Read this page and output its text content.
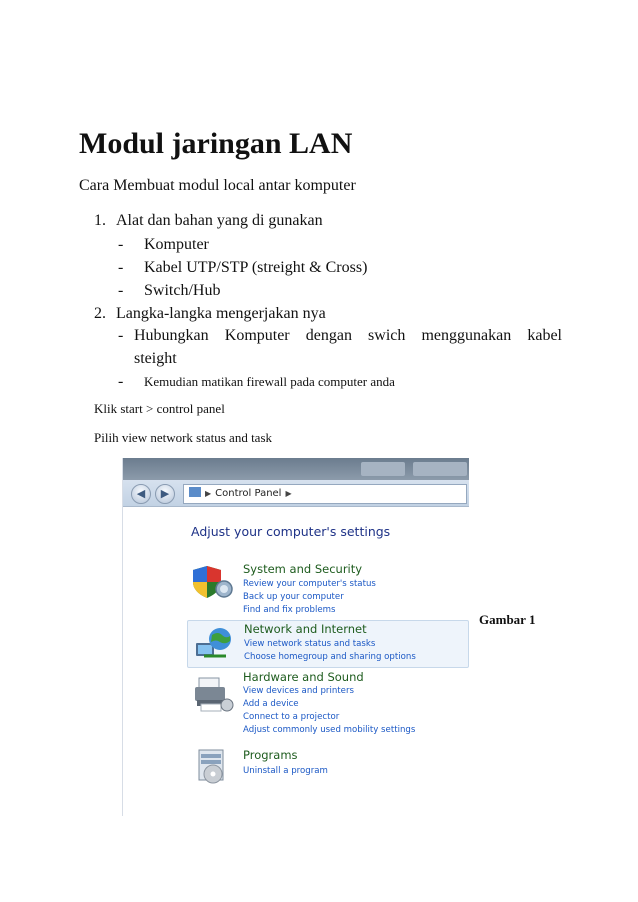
Modul jaringan LAN
Cara Membuat modul local antar komputer
1. Alat dan bahan yang di gunakan
- Komputer
- Kabel UTP/STP (streight & Cross)
- Switch/Hub
2. Langka-langka mengerjakan nya
- Hubungkan Komputer dengan swich menggunakan kabel
steight
- Kemudian matikan firewall pada computer anda
Klik start > control panel
Pilih view network status and task
◀	▶	▶ Control Panel ▶
Adjust your computer's settings
System and Security
Review your computer's status
Back up your computer
Find and fix problems
Network and Internet
View network status and tasks
Choose homegroup and sharing options
Hardware and Sound
View devices and printers
Add a device
Connect to a projector
Adjust commonly used mobility settings
Programs
Uninstall a program
Gambar 1
